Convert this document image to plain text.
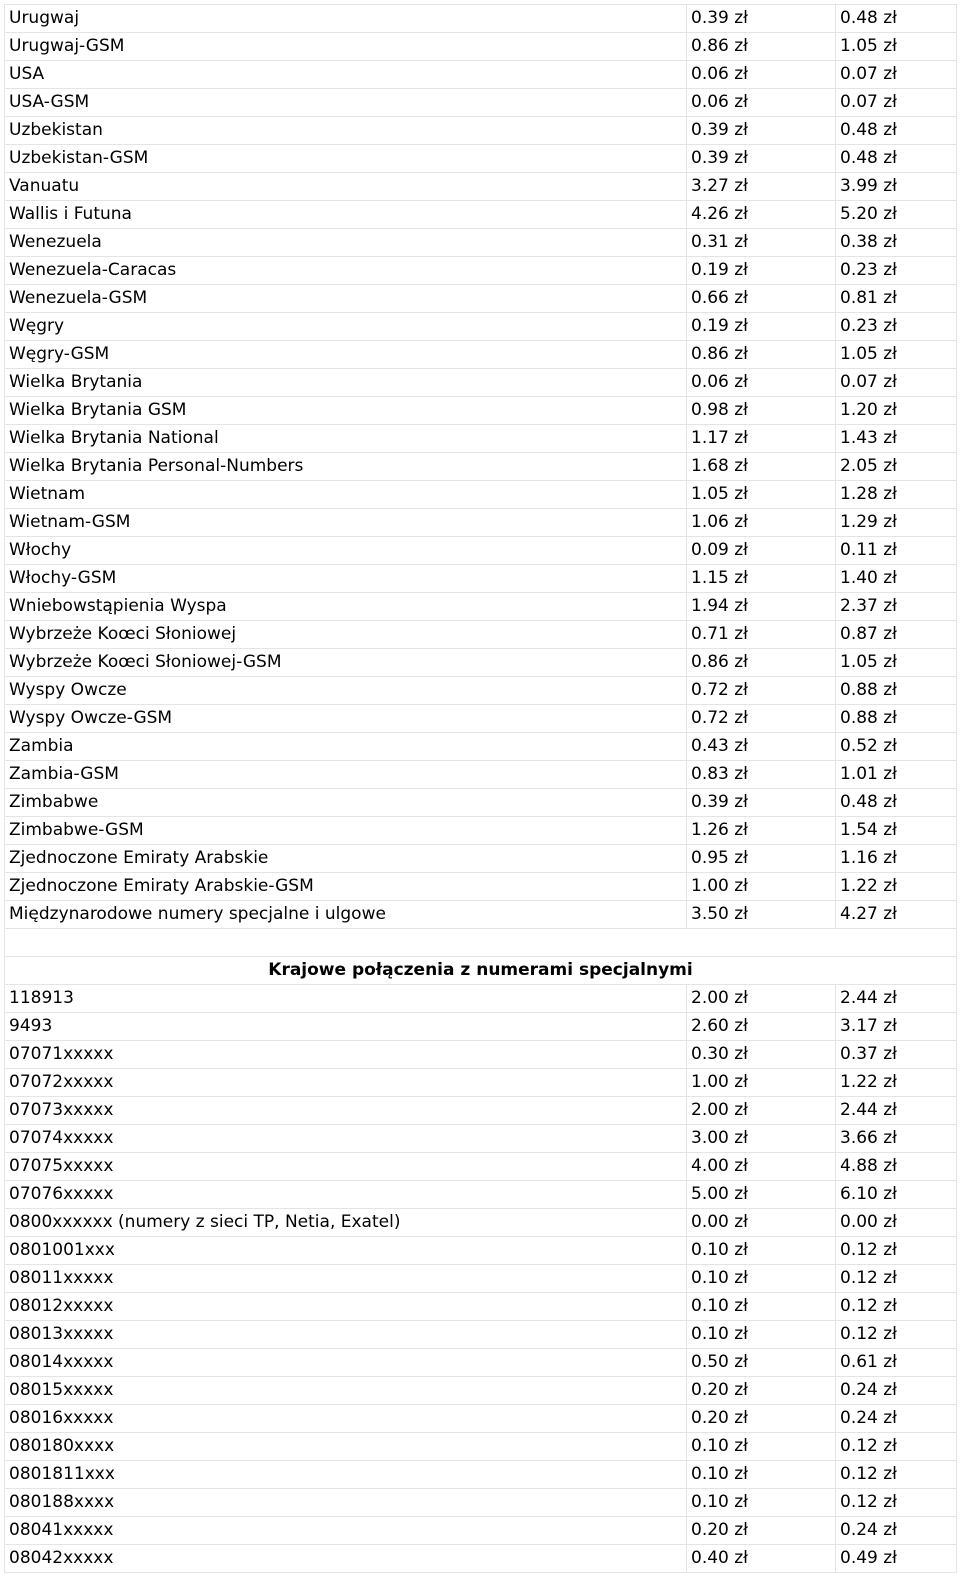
Urugwaj	0.39 zł	0.48 zł
Urugwaj-GSM	0.86 zł	1.05 zł
USA	0.06 zł	0.07 zł
USA-GSM	0.06 zł	0.07 zł
Uzbekistan	0.39 zł	0.48 zł
Uzbekistan-GSM	0.39 zł	0.48 zł
Vanuatu	3.27 zł	3.99 zł
Wallis i Futuna	4.26 zł	5.20 zł
Wenezuela	0.31 zł	0.38 zł
Wenezuela-Caracas	0.19 zł	0.23 zł
Wenezuela-GSM	0.66 zł	0.81 zł
Węgry	0.19 zł	0.23 zł
Węgry-GSM	0.86 zł	1.05 zł
Wielka Brytania	0.06 zł	0.07 zł
Wielka Brytania GSM	0.98 zł	1.20 zł
Wielka Brytania National	1.17 zł	1.43 zł
Wielka Brytania Personal-Numbers	1.68 zł	2.05 zł
Wietnam	1.05 zł	1.28 zł
Wietnam-GSM	1.06 zł	1.29 zł
Włochy	0.09 zł	0.11 zł
Włochy-GSM	1.15 zł	1.40 zł
Wniebowstąpienia Wyspa	1.94 zł	2.37 zł
Wybrzeże Koœci Słoniowej	0.71 zł	0.87 zł
Wybrzeże Koœci Słoniowej-GSM	0.86 zł	1.05 zł
Wyspy Owcze	0.72 zł	0.88 zł
Wyspy Owcze-GSM	0.72 zł	0.88 zł
Zambia	0.43 zł	0.52 zł
Zambia-GSM	0.83 zł	1.01 zł
Zimbabwe	0.39 zł	0.48 zł
Zimbabwe-GSM	1.26 zł	1.54 zł
Zjednoczone Emiraty Arabskie	0.95 zł	1.16 zł
Zjednoczone Emiraty Arabskie-GSM	1.00 zł	1.22 zł
Międzynarodowe numery specjalne i ulgowe	3.50 zł	4.27 zł

Krajowe połączenia z numerami specjalnymi		
118913	2.00 zł	2.44 zł
9493	2.60 zł	3.17 zł
07071xxxxx	0.30 zł	0.37 zł
07072xxxxx	1.00 zł	1.22 zł
07073xxxxx	2.00 zł	2.44 zł
07074xxxxx	3.00 zł	3.66 zł
07075xxxxx	4.00 zł	4.88 zł
07076xxxxx	5.00 zł	6.10 zł
0800xxxxxx (numery z sieci TP, Netia, Exatel)	0.00 zł	0.00 zł
0801001xxx	0.10 zł	0.12 zł
08011xxxxx	0.10 zł	0.12 zł
08012xxxxx	0.10 zł	0.12 zł
08013xxxxx	0.10 zł	0.12 zł
08014xxxxx	0.50 zł	0.61 zł
08015xxxxx	0.20 zł	0.24 zł
08016xxxxx	0.20 zł	0.24 zł
080180xxxx	0.10 zł	0.12 zł
0801811xxx	0.10 zł	0.12 zł
080188xxxx	0.10 zł	0.12 zł
08041xxxxx	0.20 zł	0.24 zł
08042xxxxx	0.40 zł	0.49 zł
